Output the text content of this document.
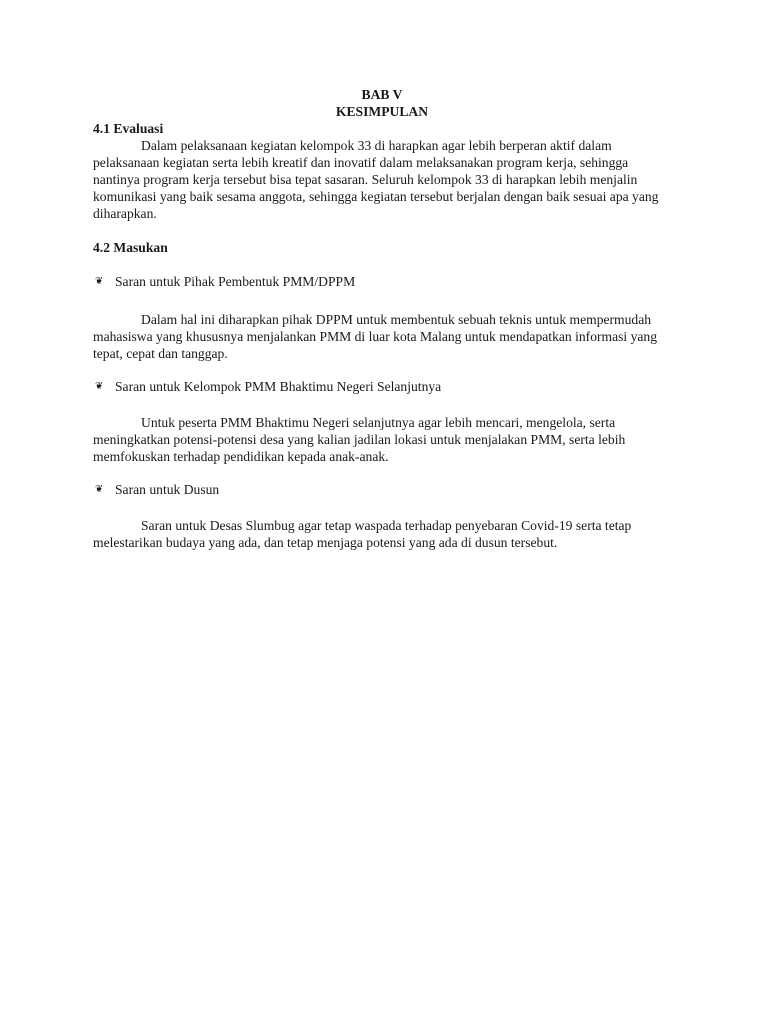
BAB V

KESIMPULAN

4.1 Evaluasi

Dalam pelaksanaan kegiatan kelompok 33 di harapkan agar lebih berperan aktif dalam pelaksanaan kegiatan serta lebih kreatif dan inovatif dalam melaksanakan program kerja, sehingga nantinya program kerja tersebut bisa tepat sasaran. Seluruh kelompok 33 di harapkan lebih menjalin komunikasi yang baik sesama anggota, sehingga kegiatan tersebut berjalan dengan baik sesuai apa yang diharapkan.

4.2 Masukan

❦ Saran untuk Pihak Pembentuk PMM/DPPM

Dalam hal ini diharapkan pihak DPPM untuk membentuk sebuah teknis untuk mempermudah mahasiswa yang khususnya menjalankan PMM di luar kota Malang untuk mendapatkan informasi yang tepat, cepat dan tanggap.

❦ Saran untuk Kelompok PMM Bhaktimu Negeri Selanjutnya

Untuk peserta PMM Bhaktimu Negeri selanjutnya agar lebih mencari, mengelola, serta meningkatkan potensi-potensi desa yang kalian jadilan lokasi untuk menjalakan PMM, serta lebih memfokuskan terhadap pendidikan kepada anak-anak.

❦ Saran untuk Dusun

Saran untuk Desas Slumbug agar tetap waspada terhadap penyebaran Covid-19 serta tetap melestarikan budaya yang ada, dan tetap menjaga potensi yang ada di dusun tersebut.
